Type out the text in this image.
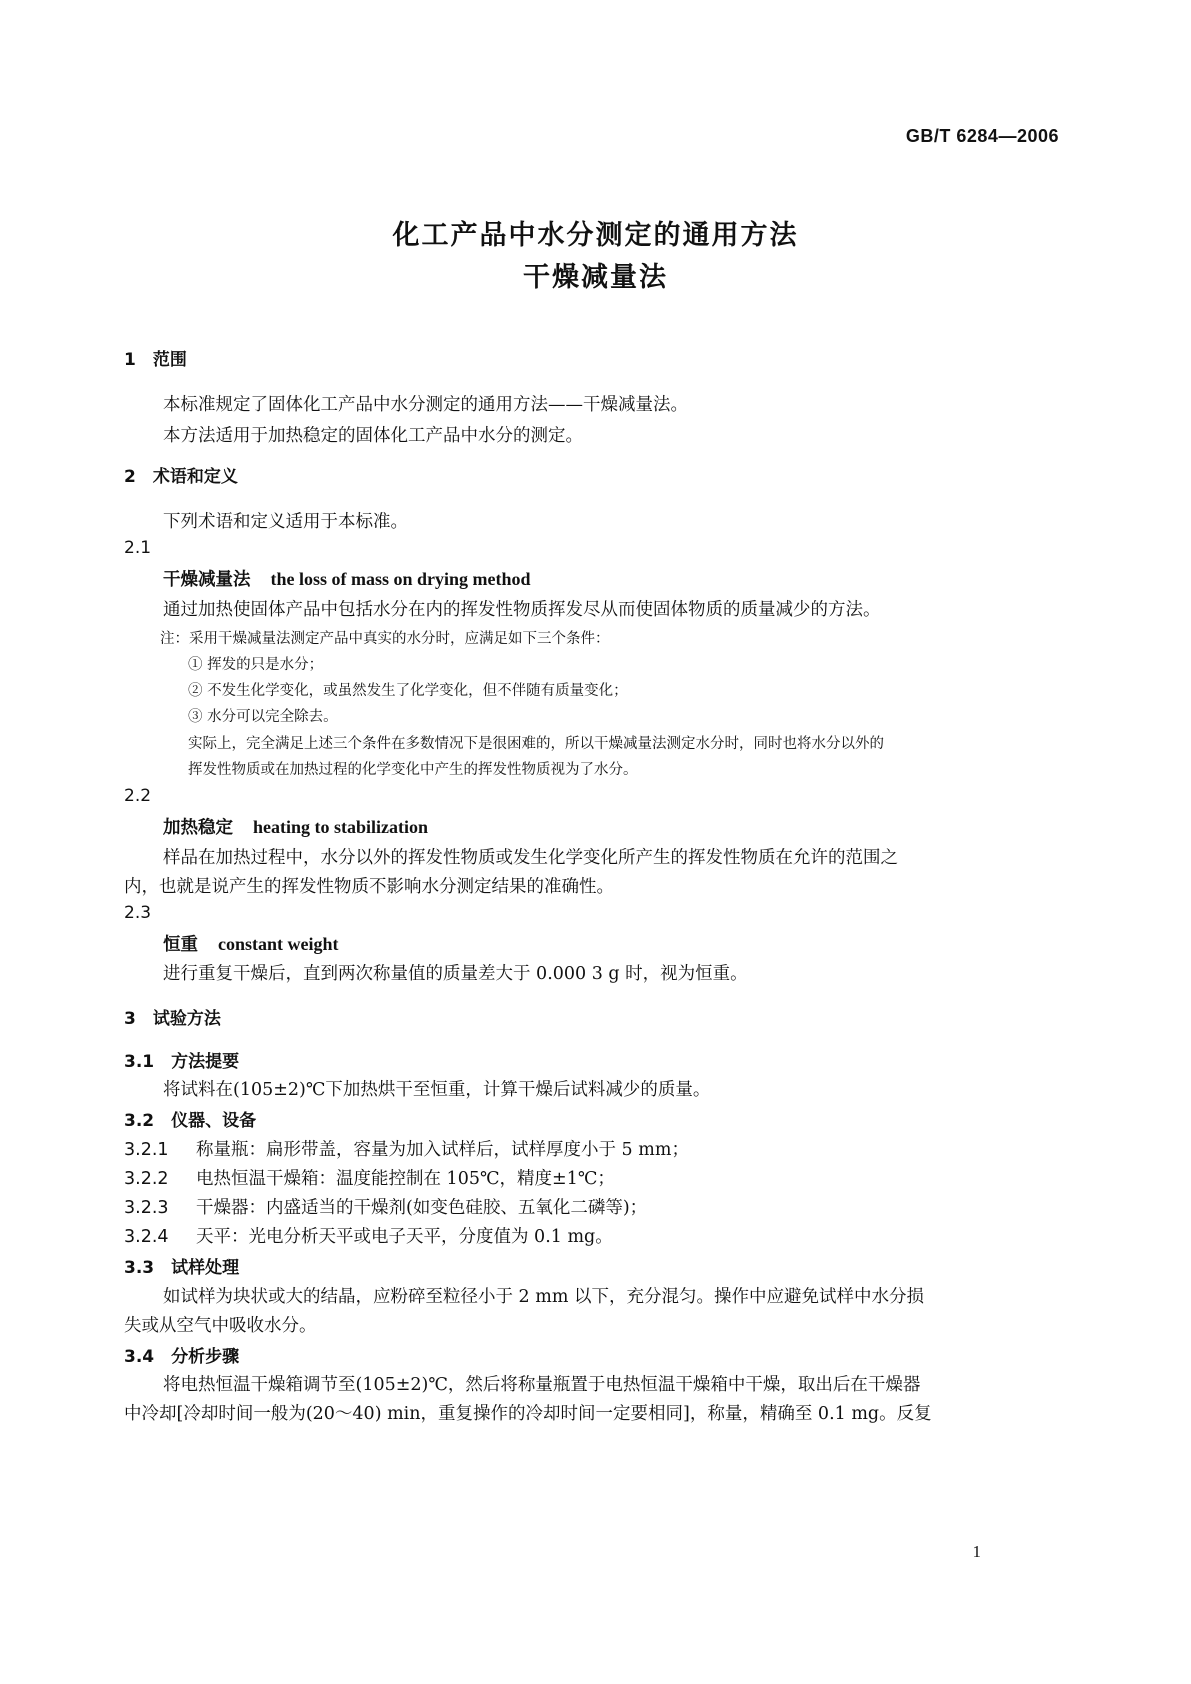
GB/T 6284—2006
化工产品中水分测定的通用方法
干燥减量法
1　范围
本标准规定了固体化工产品中水分测定的通用方法——干燥减量法。
本方法适用于加热稳定的固体化工产品中水分的测定。
2　术语和定义
下列术语和定义适用于本标准。
2.1
干燥减量法 the loss of mass on drying method
通过加热使固体产品中包括水分在内的挥发性物质挥发尽从而使固体物质的质量减少的方法。
注：采用干燥减量法测定产品中真实的水分时，应满足如下三个条件：
① 挥发的只是水分；
② 不发生化学变化，或虽然发生了化学变化，但不伴随有质量变化；
③ 水分可以完全除去。
实际上，完全满足上述三个条件在多数情况下是很困难的，所以干燥减量法测定水分时，同时也将水分以外的
挥发性物质或在加热过程的化学变化中产生的挥发性物质视为了水分。
2.2
加热稳定 heating to stabilization
样品在加热过程中，水分以外的挥发性物质或发生化学变化所产生的挥发性物质在允许的范围之
内，也就是说产生的挥发性物质不影响水分测定结果的准确性。
2.3
恒重 constant weight
进行重复干燥后，直到两次称量值的质量差大于 0.000 3 g 时，视为恒重。
3　试验方法
3.1　方法提要
将试料在(105±2)℃下加热烘干至恒重，计算干燥后试料减少的质量。
3.2　仪器、设备
3.2.1 称量瓶：扁形带盖，容量为加入试样后，试样厚度小于 5 mm；
3.2.2 电热恒温干燥箱：温度能控制在 105℃，精度±1℃；
3.2.3 干燥器：内盛适当的干燥剂(如变色硅胶、五氧化二磷等)；
3.2.4 天平：光电分析天平或电子天平，分度值为 0.1 mg。
3.3　试样处理
如试样为块状或大的结晶，应粉碎至粒径小于 2 mm 以下，充分混匀。操作中应避免试样中水分损
失或从空气中吸收水分。
3.4　分析步骤
将电热恒温干燥箱调节至(105±2)℃，然后将称量瓶置于电热恒温干燥箱中干燥，取出后在干燥器
中冷却[冷却时间一般为(20～40) min，重复操作的冷却时间一定要相同]，称量，精确至 0.1 mg。反复
1
